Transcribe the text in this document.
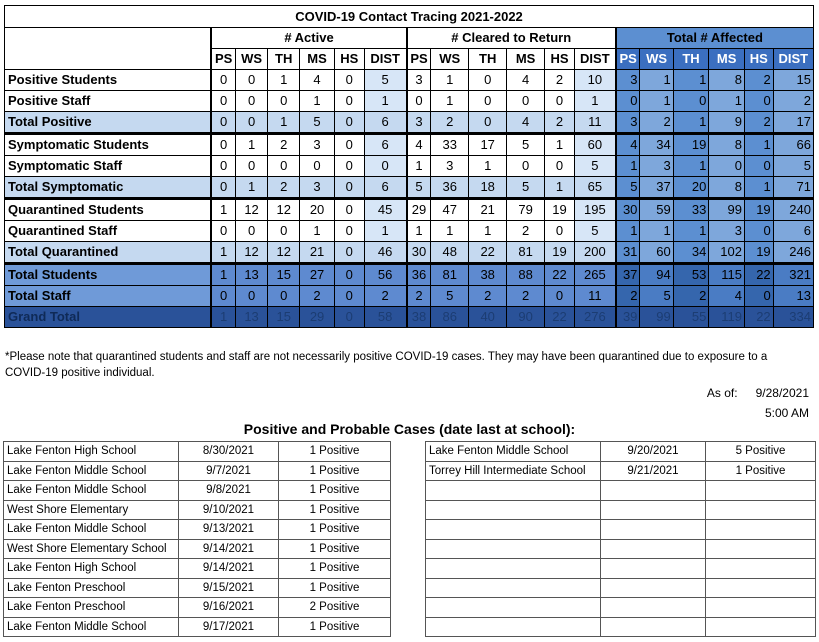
COVID-19 Contact Tracing 2021-2022																		
	# Active						# Cleared to Return						Total # Affected					
	PS	WS	TH	MS	HS	DIST	PS	WS	TH	MS	HS	DIST	PS	WS	TH	MS	HS	DIST
Positive Students	0	0	1	4	0	5	3	1	0	4	2	10	3	1	1	8	2	15
Positive Staff	0	0	0	1	0	1	0	1	0	0	0	1	0	1	0	1	0	2
Total Positive	0	0	1	5	0	6	3	2	0	4	2	11	3	2	1	9	2	17
Symptomatic Students	0	1	2	3	0	6	4	33	17	5	1	60	4	34	19	8	1	66
Symptomatic Staff	0	0	0	0	0	0	1	3	1	0	0	5	1	3	1	0	0	5
Total Symptomatic	0	1	2	3	0	6	5	36	18	5	1	65	5	37	20	8	1	71
Quarantined Students	1	12	12	20	0	45	29	47	21	79	19	195	30	59	33	99	19	240
Quarantined Staff	0	0	0	1	0	1	1	1	1	2	0	5	1	1	1	3	0	6
Total Quarantined	1	12	12	21	0	46	30	48	22	81	19	200	31	60	34	102	19	246
Total Students	1	13	15	27	0	56	36	81	38	88	22	265	37	94	53	115	22	321
Total Staff	0	0	0	2	0	2	2	5	2	2	0	11	2	5	2	4	0	13
Grand Total	1	13	15	29	0	58	38	86	40	90	22	276	39	99	55	119	22	334
*Please note that quarantined students and staff are not necessarily positive COVID-19 cases. They may have been quarantined due to exposure to a COVID-19 positive individual.
As of: 9/28/2021
5:00 AM
Positive and Probable Cases (date last at school):
Lake Fenton High School	8/30/2021	1 Positive
Lake Fenton Middle School	9/7/2021	1 Positive
Lake Fenton Middle School	9/8/2021	1 Positive
West Shore Elementary	9/10/2021	1 Positive
Lake Fenton Middle School	9/13/2021	1 Positive
West Shore Elementary School	9/14/2021	1 Positive
Lake Fenton High School	9/14/2021	1 Positive
Lake Fenton Preschool	9/15/2021	1 Positive
Lake Fenton Preschool	9/16/2021	2 Positive
Lake Fenton Middle School	9/17/2021	1 Positive
Lake Fenton Middle School	9/20/2021	5 Positive
Torrey Hill Intermediate School	9/21/2021	1 Positive
